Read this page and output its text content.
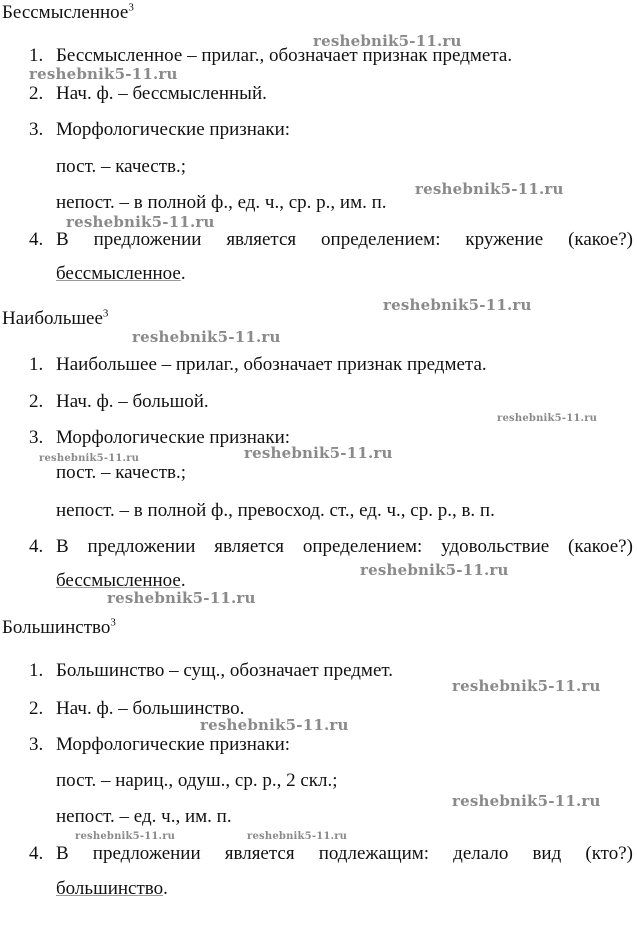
Бессмысленное$^3$
1. Бессмысленное – прилаг., обозначает признак предмета.
2. Нач. ф. – бессмысленный.
3. Морфологические признаки:
пост. – качеств.;
непост. – в полной ф., ед. ч., ср. р., им. п.
4. В предложении является определением: кружение (какое?)
бессмысленное.
Наибольшее$^3$
1. Наибольшее – прилаг., обозначает признак предмета.
2. Нач. ф. – большой.
3. Морфологические признаки:
пост. – качеств.;
непост. – в полной ф., превосход. ст., ед. ч., ср. р., в. п.
4. В предложении является определением: удовольствие (какое?)
бессмысленное.
Большинство$^3$
1. Большинство – сущ., обозначает предмет.
2. Нач. ф. – большинство.
3. Морфологические признаки:
пост. – нариц., одуш., ср. р., 2 скл.;
непост. – ед. ч., им. п.
4. В предложении является подлежащим: делало вид (кто?)
большинство.
reshebnik5-11.ru
reshebnik5-11.ru
reshebnik5-11.ru
reshebnik5-11.ru
reshebnik5-11.ru
reshebnik5-11.ru
reshebnik5-11.ru
reshebnik5-11.ru	reshebnik5-11.ru
reshebnik5-11.ru
reshebnik5-11.ru
reshebnik5-11.ru
reshebnik5-11.ru
reshebnik5-11.ru
reshebnik5-11.ru	reshebnik5-11.ru
